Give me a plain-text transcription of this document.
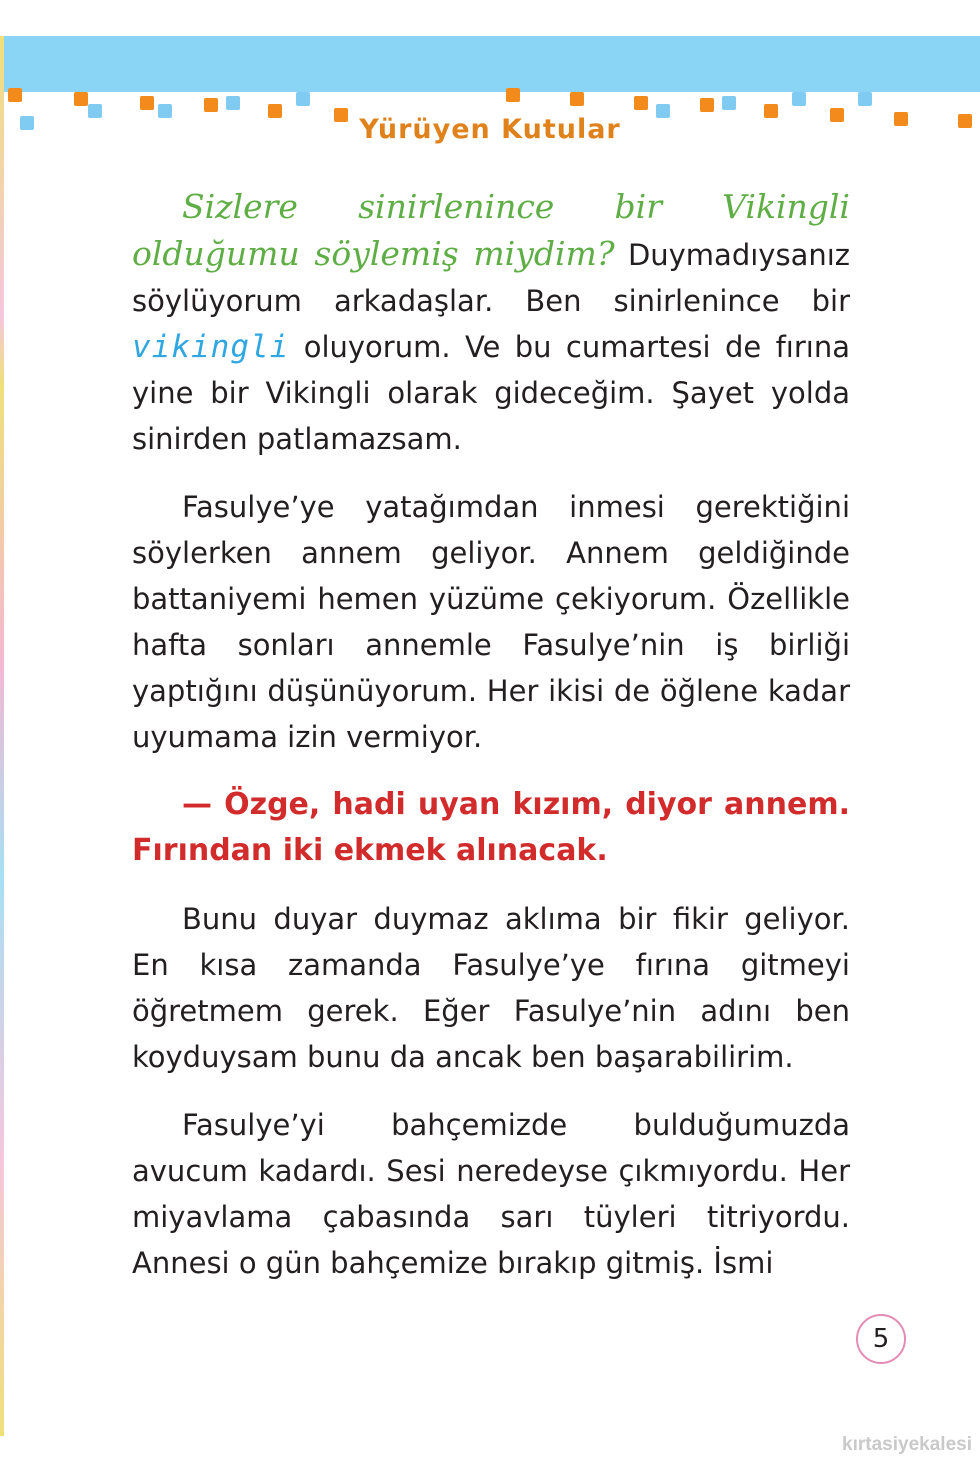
Yürüyen Kutular

Sizlere sinirlenince bir Vikingli olduğumu söylemiş miydim? Duymadıysanız söylüyorum arkadaşlar. Ben sinirlenince bir vikingli oluyorum. Ve bu cumartesi de fırına yine bir Vikingli olarak gideceğim. Şayet yolda sinirden patlamazsam.

Fasulye’ye yatağımdan inmesi gerektiğini söylerken annem geliyor. Annem geldiğinde battaniyemi hemen yüzüme çekiyorum. Özellikle hafta sonları annemle Fasulye’nin iş birliği yaptığını düşünüyorum. Her ikisi de öğlene kadar uyumama izin vermiyor.

— Özge, hadi uyan kızım, diyor annem. Fırından iki ekmek alınacak.

Bunu duyar duymaz aklıma bir fikir geliyor. En kısa zamanda Fasulye’ye fırına gitmeyi öğretmem gerek. Eğer Fasulye’nin adını ben koyduysam bunu da ancak ben başarabilirim.

Fasulye’yi bahçemizde bulduğumuzda avucum kadardı. Sesi neredeyse çıkmıyordu. Her miyavlama çabasında sarı tüyleri titriyordu. Annesi o gün bahçemize bırakıp gitmiş. İsmi

5
kırtasiyekalesi
